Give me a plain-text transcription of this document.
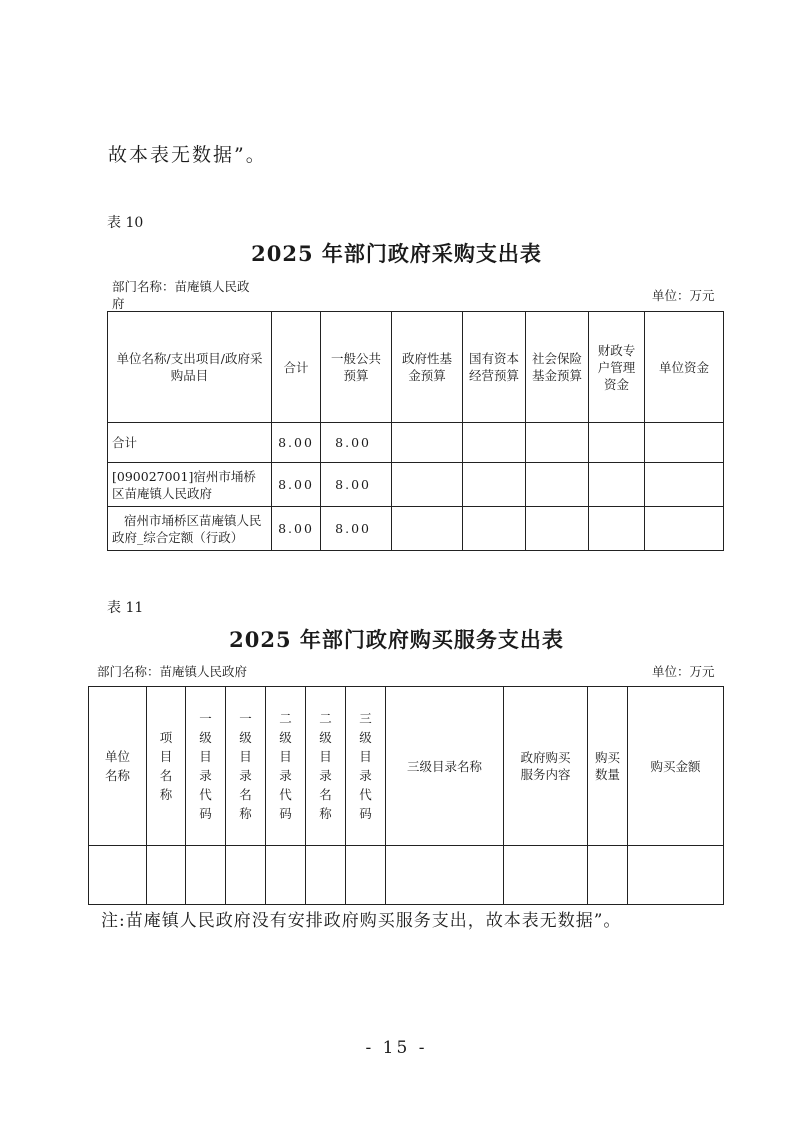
故本表无数据”。
表 10
2025 年部门政府采购支出表
部门名称：苗庵镇人民政
府
单位：万元
单位名称/支出项目/政府采购品目	合计	一般公共预算	政府性基金预算	国有资本经营预算	社会保险基金预算	财政专户管理资金	单位资金
合计	8.00	8.00					
[090027001]宿州市埇桥区苗庵镇人民政府	8.00	8.00					
宿州市埇桥区苗庵镇人民政府_综合定额（行政）	8.00	8.00					
表 11
2025 年部门政府购买服务支出表
部门名称：苗庵镇人民政府	单位：万元
单位名称	项目名称	一级目录代码	一级目录名称	二级目录代码	二级目录名称	三级目录代码	三级目录名称	政府购买服务内容	购买数量	购买金额

注:苗庵镇人民政府没有安排政府购买服务支出，故本表无数据”。
- 15 -
